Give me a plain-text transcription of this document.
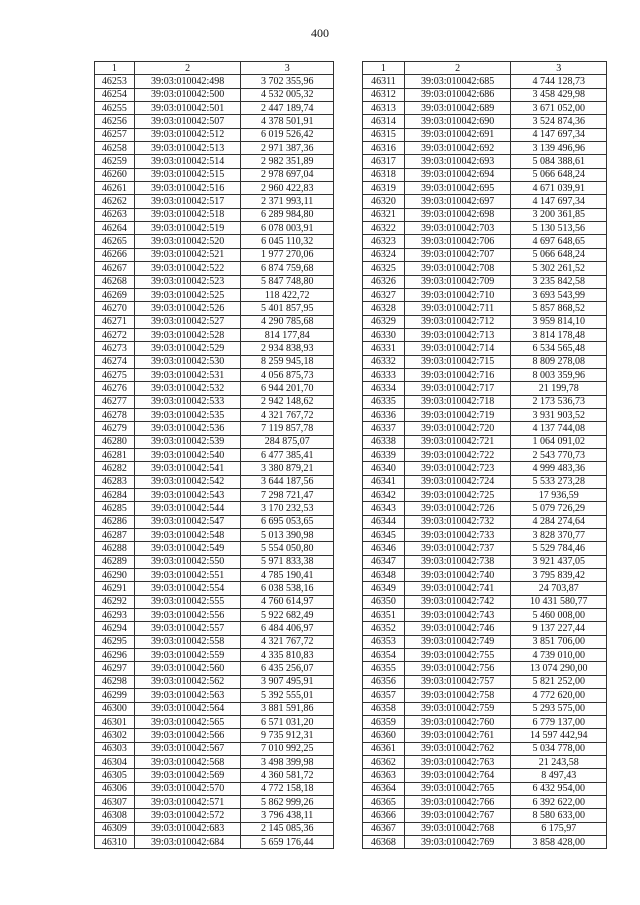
400
1	2	3
46253	39:03:010042:498	3 702 355,96
46254	39:03:010042:500	4 532 005,32
46255	39:03:010042:501	2 447 189,74
46256	39:03:010042:507	4 378 501,91
46257	39:03:010042:512	6 019 526,42
46258	39:03:010042:513	2 971 387,36
46259	39:03:010042:514	2 982 351,89
46260	39:03:010042:515	2 978 697,04
46261	39:03:010042:516	2 960 422,83
46262	39:03:010042:517	2 371 993,11
46263	39:03:010042:518	6 289 984,80
46264	39:03:010042:519	6 078 003,91
46265	39:03:010042:520	6 045 110,32
46266	39:03:010042:521	1 977 270,06
46267	39:03:010042:522	6 874 759,68
46268	39:03:010042:523	5 847 748,80
46269	39:03:010042:525	118 422,72
46270	39:03:010042:526	5 401 857,95
46271	39:03:010042:527	4 290 785,68
46272	39:03:010042:528	814 177,84
46273	39:03:010042:529	2 934 838,93
46274	39:03:010042:530	8 259 945,18
46275	39:03:010042:531	4 056 875,73
46276	39:03:010042:532	6 944 201,70
46277	39:03:010042:533	2 942 148,62
46278	39:03:010042:535	4 321 767,72
46279	39:03:010042:536	7 119 857,78
46280	39:03:010042:539	284 875,07
46281	39:03:010042:540	6 477 385,41
46282	39:03:010042:541	3 380 879,21
46283	39:03:010042:542	3 644 187,56
46284	39:03:010042:543	7 298 721,47
46285	39:03:010042:544	3 170 232,53
46286	39:03:010042:547	6 695 053,65
46287	39:03:010042:548	5 013 390,98
46288	39:03:010042:549	5 554 050,80
46289	39:03:010042:550	5 971 833,38
46290	39:03:010042:551	4 785 190,41
46291	39:03:010042:554	6 038 538,16
46292	39:03:010042:555	4 760 614,97
46293	39:03:010042:556	5 922 682,49
46294	39:03:010042:557	6 484 406,97
46295	39:03:010042:558	4 321 767,72
46296	39:03:010042:559	4 335 810,83
46297	39:03:010042:560	6 435 256,07
46298	39:03:010042:562	3 907 495,91
46299	39:03:010042:563	5 392 555,01
46300	39:03:010042:564	3 881 591,86
46301	39:03:010042:565	6 571 031,20
46302	39:03:010042:566	9 735 912,31
46303	39:03:010042:567	7 010 992,25
46304	39:03:010042:568	3 498 399,98
46305	39:03:010042:569	4 360 581,72
46306	39:03:010042:570	4 772 158,18
46307	39:03:010042:571	5 862 999,26
46308	39:03:010042:572	3 796 438,11
46309	39:03:010042:683	2 145 085,36
46310	39:03:010042:684	5 659 176,44
1	2	3
46311	39:03:010042:685	4 744 128,73
46312	39:03:010042:686	3 458 429,98
46313	39:03:010042:689	3 671 052,00
46314	39:03:010042:690	3 524 874,36
46315	39:03:010042:691	4 147 697,34
46316	39:03:010042:692	3 139 496,96
46317	39:03:010042:693	5 084 388,61
46318	39:03:010042:694	5 066 648,24
46319	39:03:010042:695	4 671 039,91
46320	39:03:010042:697	4 147 697,34
46321	39:03:010042:698	3 200 361,85
46322	39:03:010042:703	5 130 513,56
46323	39:03:010042:706	4 697 648,65
46324	39:03:010042:707	5 066 648,24
46325	39:03:010042:708	5 302 261,52
46326	39:03:010042:709	3 235 842,58
46327	39:03:010042:710	3 693 543,99
46328	39:03:010042:711	5 857 868,52
46329	39:03:010042:712	3 959 814,10
46330	39:03:010042:713	3 814 178,48
46331	39:03:010042:714	6 534 565,48
46332	39:03:010042:715	8 809 278,08
46333	39:03:010042:716	8 003 359,96
46334	39:03:010042:717	21 199,78
46335	39:03:010042:718	2 173 536,73
46336	39:03:010042:719	3 931 903,52
46337	39:03:010042:720	4 137 744,08
46338	39:03:010042:721	1 064 091,02
46339	39:03:010042:722	2 543 770,73
46340	39:03:010042:723	4 999 483,36
46341	39:03:010042:724	5 533 273,28
46342	39:03:010042:725	17 936,59
46343	39:03:010042:726	5 079 726,29
46344	39:03:010042:732	4 284 274,64
46345	39:03:010042:733	3 828 370,77
46346	39:03:010042:737	5 529 784,46
46347	39:03:010042:738	3 921 437,05
46348	39:03:010042:740	3 795 839,42
46349	39:03:010042:741	24 703,87
46350	39:03:010042:742	10 431 580,77
46351	39:03:010042:743	5 460 008,00
46352	39:03:010042:746	9 137 227,44
46353	39:03:010042:749	3 851 706,00
46354	39:03:010042:755	4 739 010,00
46355	39:03:010042:756	13 074 290,00
46356	39:03:010042:757	5 821 252,00
46357	39:03:010042:758	4 772 620,00
46358	39:03:010042:759	5 293 575,00
46359	39:03:010042:760	6 779 137,00
46360	39:03:010042:761	14 597 442,94
46361	39:03:010042:762	5 034 778,00
46362	39:03:010042:763	21 243,58
46363	39:03:010042:764	8 497,43
46364	39:03:010042:765	6 432 954,00
46365	39:03:010042:766	6 392 622,00
46366	39:03:010042:767	8 580 633,00
46367	39:03:010042:768	6 175,97
46368	39:03:010042:769	3 858 428,00
